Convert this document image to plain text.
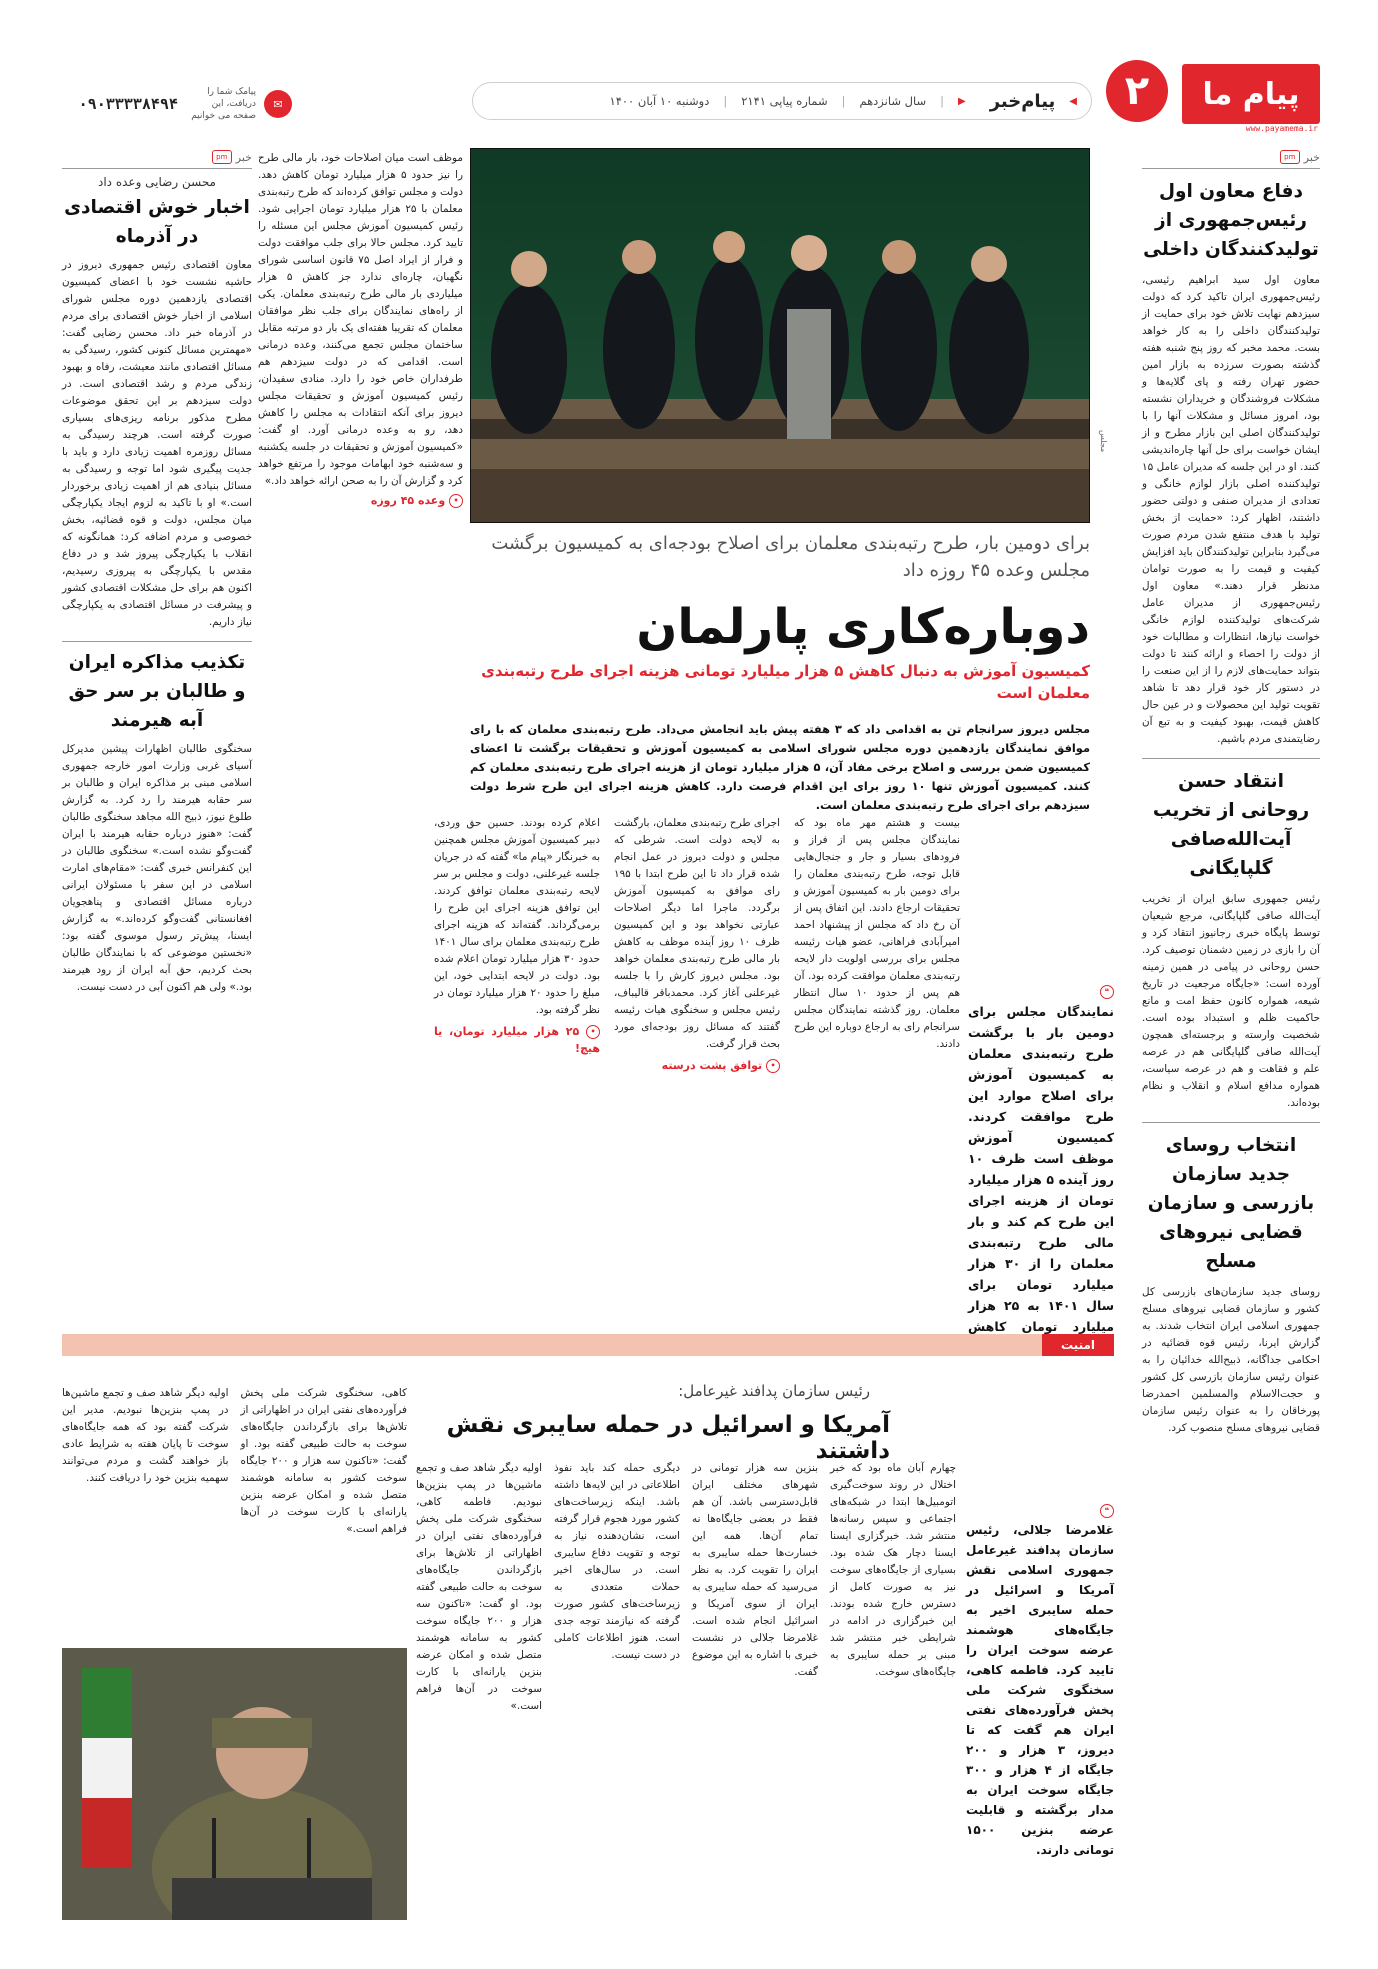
پیام ما
www.payamema.ir
۲
◀
پیام‌خبر
▶
|
سال شانزدهم
|
شماره پیاپی ۲۱۴۱
|
دوشنبه ۱۰ آبان ۱۴۰۰
✉
پیامک شما را دریافت، این صفحه می خوانیم
۰۹۰۳۳۳۳۸۴۹۴
خبر
pm
دفاع معاون اول رئیس‌جمهوری از تولیدکنندگان داخلی
معاون اول سید ابراهیم رئیسی، رئیس‌جمهوری ایران تاکید کرد که دولت سیزدهم نهایت تلاش خود برای حمایت از تولیدکنندگان داخلی را به کار خواهد بست. محمد مخبر که روز پنج شنبه هفته گذشته بصورت سرزده به بازار امین حضور تهران رفته و پای گلایه‌ها و مشکلات فروشندگان و خریداران نشسته بود، امروز مسائل و مشکلات آنها را با تولیدکنندگان اصلی این بازار مطرح و از ایشان خواست برای حل آنها چاره‌اندیشی کنند. او در این جلسه که مدیران عامل ۱۵ تولیدکننده اصلی بازار لوازم خانگی و تعدادی از مدیران صنفی و دولتی حضور داشتند، اظهار کرد: «حمایت از بخش تولید با هدف منتفع شدن مردم صورت می‌گیرد بنابراین تولیدکنندگان باید افزایش کیفیت و قیمت را به صورت توامان مدنظر قرار دهند.» معاون اول رئیس‌جمهوری از مدیران عامل شرکت‌های تولیدکننده لوازم خانگی خواست نیازها، انتظارات و مطالبات خود از دولت را احصاء و ارائه کنند تا دولت بتواند حمایت‌های لازم را از این صنعت را در دستور کار خود قرار دهد تا شاهد تقویت تولید این محصولات و در عین حال کاهش قیمت، بهبود کیفیت و به تبع آن رضایتمندی مردم باشیم.
انتقاد حسن روحانی از تخریب آیت‌الله‌صافی گلپایگانی
رئیس جمهوری سابق ایران از تخریب آیت‌الله صافی گلپایگانی، مرجع شیعیان توسط پایگاه خبری رجانیوز انتقاد کرد و آن را بازی در زمین دشمنان توصیف کرد. حسن روحانی در پیامی در همین زمینه آورده است: «جایگاه مرجعیت در تاریخ شیعه، همواره کانون حفظ امت و مانع حاکمیت ظلم و استبداد بوده است. شخصیت وارسته و برجسته‌ای همچون آیت‌الله صافی گلپایگانی هم در عرصه علم و فقاهت و هم در عرصه سیاست، همواره مدافع اسلام و انقلاب و نظام بوده‌اند.
انتخاب روسای جدید سازمان بازرسی و سازمان قضایی نیروهای مسلح
روسای جدید سازمان‌های بازرسی کل کشور و سازمان قضایی نیروهای مسلح جمهوری اسلامی ایران انتخاب شدند. به گزارش ایرنا، رئیس قوه قضائیه در احکامی جداگانه، ذبیح‌الله خدائیان را به عنوان رئیس سازمان بازرسی کل کشور و حجت‌الاسلام والمسلمین احمدرضا پورخاقان را به عنوان رئیس سازمان قضایی نیروهای مسلح منصوب کرد.
مجلس
برای دومین بار، طرح رتبه‌بندی معلمان برای اصلاح بودجه‌ای به کمیسیون برگشت مجلس وعده ۴۵ روزه داد
دوباره‌کاری پارلمان
کمیسیون آموزش به دنبال کاهش ۵ هزار میلیارد تومانی هزینه اجرای طرح رتبه‌بندی معلمان است
مجلس دیروز سرانجام تن به اقدامی داد که ۳ هفته پیش باید انجامش می‌داد. طرح رتبه‌بندی معلمان که با رای موافق نمایندگان یازدهمین دوره مجلس شورای اسلامی به کمیسیون آموزش و تحقیقات برگشت تا اعضای کمیسیون ضمن بررسی و اصلاح برخی مفاد آن، ۵ هزار میلیارد تومان از هزینه اجرای طرح رتبه‌بندی معلمان کم کنند. کمیسیون آموزش تنها ۱۰ روز برای این اقدام فرصت دارد. کاهش هزینه اجرای این طرح شرط دولت سیزدهم برای اجرای طرح رتبه‌بندی معلمان است.
بیست و هشتم مهر ماه بود که نمایندگان مجلس پس از فراز و فرودهای بسیار و جار و جنجال‌هایی قابل توجه، طرح رتبه‌بندی معلمان را برای دومین بار به کمیسیون آموزش و تحقیقات ارجاع دادند. این اتفاق پس از آن رخ داد که مجلس از پیشنهاد احمد امیرآبادی فراهانی، عضو هیات رئیسه مجلس برای بررسی اولویت دار لایحه رتبه‌بندی معلمان موافقت کرده بود. آن هم پس از حدود ۱۰ سال انتظار معلمان. روز گذشته نمایندگان مجلس سرانجام رای به ارجاع دوباره این طرح دادند.
اجرای طرح رتبه‌بندی معلمان، بارگشت به لایحه دولت است. شرطی که مجلس و دولت دیروز در عمل انجام شده قرار داد تا این طرح ابتدا با ۱۹۵ رای موافق به کمیسیون آموزش برگردد. ماجرا اما دیگر اصلاحات عبارتی نخواهد بود و این کمیسیون ظرف ۱۰ روز آینده موظف به کاهش بار مالی طرح رتبه‌بندی معلمان خواهد بود. مجلس دیروز کارش را با جلسه غیرعلنی آغاز کرد. محمدباقر قالیباف، رئیس مجلس و سخنگوی هیات رئیسه گفتند که مسائل روز بودجه‌ای مورد بحث قرار گرفت.
• توافق پشت درسته
اعلام کرده بودند. حسین حق وردی، دبیر کمیسیون آموزش مجلس همچنین به خبرنگار «پیام ما» گفته که در جریان جلسه غیرعلنی، دولت و مجلس بر سر لایحه رتبه‌بندی معلمان توافق کردند. این توافق هزینه اجرای این طرح را برمی‌گرداند. گفته‌اند که هزینه اجرای طرح رتبه‌بندی معلمان برای سال ۱۴۰۱ حدود ۳۰ هزار میلیارد تومان اعلام شده بود. دولت در لایحه ابتدایی خود، این مبلغ را حدود ۲۰ هزار میلیارد تومان در نظر گرفته بود.
• ۲۵ هزار میلیارد تومان، یا هیچ!
❝
نمایندگان مجلس برای دومین بار با برگشت طرح رتبه‌بندی معلمان به کمیسیون آموزش برای اصلاح موارد این طرح موافقت کردند. کمیسیون آموزش موظف است ظرف ۱۰ روز آینده ۵ هزار میلیارد تومان از هزینه اجرای این طرح کم کند و بار مالی طرح رتبه‌بندی معلمان را از ۳۰ هزار میلیارد تومان برای سال ۱۴۰۱ به ۲۵ هزار میلیارد تومان کاهش
موظف است میان اصلاحات خود، بار مالی طرح را نیز حدود ۵ هزار میلیارد تومان کاهش دهد. دولت و مجلس توافق کرده‌اند که طرح رتبه‌بندی معلمان با ۲۵ هزار میلیارد تومان اجرایی شود. رئیس کمیسیون آموزش مجلس این مسئله را تایید کرد. مجلس حالا برای جلب موافقت دولت و فرار از ایراد اصل ۷۵ قانون اساسی شورای نگهبان، چاره‌ای ندارد جز کاهش ۵ هزار میلیاردی بار مالی طرح رتبه‌بندی معلمان. یکی از راه‌های نمایندگان برای جلب نظر موافقان معلمان که تقریبا هفته‌ای یک بار دو مرتبه مقابل ساختمان مجلس تجمع می‌کنند، وعده درمانی است. اقدامی که در دولت سیزدهم هم طرفداران خاص خود را دارد. منادی سفیدان، رئیس کمیسیون آموزش و تحقیقات مجلس دیروز برای آنکه انتقادات به مجلس را کاهش دهد، رو به وعده درمانی آورد. او گفت: «کمیسیون آموزش و تحقیقات در جلسه یکشنبه و سه‌شنبه خود ابهامات موجود را مرتفع خواهد کرد و گزارش آن را به صحن ارائه خواهد داد.»
• وعده ۴۵ روزه
خبر
pm
محسن رضایی وعده داد
اخبار خوش اقتصادی در آذرماه
معاون اقتصادی رئیس جمهوری دیروز در حاشیه نشست خود با اعضای کمیسیون اقتصادی یازدهمین دوره مجلس شورای اسلامی از اخبار خوش اقتصادی برای مردم در آذرماه خبر داد. محسن رضایی گفت: «مهمترین مسائل کنونی کشور، رسیدگی به مسائل اقتصادی مانند معیشت، رفاه و بهبود زندگی مردم و رشد اقتصادی است. در دولت سیزدهم بر این تحقق موضوعات مطرح مذکور برنامه ریزی‌های بسیاری صورت گرفته است. هرچند رسیدگی به مسائل روزمره اهمیت زیادی دارد و باید با جدیت پیگیری شود اما توجه و رسیدگی به مسائل بنیادی هم از اهمیت زیادی برخوردار است.» او با تاکید به لزوم ایجاد یکپارچگی میان مجلس، دولت و قوه قضائیه، بخش خصوصی و مردم اضافه کرد: همانگونه که انقلاب با یکپارچگی پیروز شد و در دفاع مقدس با یکپارچگی به پیروزی رسیدیم، اکنون هم برای حل مشکلات اقتصادی کشور و پیشرفت در مسائل اقتصادی به یکپارچگی نیاز داریم.
تکذیب مذاکره ایران و طالبان بر سر حق آبه هیرمند
سخنگوی طالبان اظهارات پیشین مدیرکل آسیای غربی وزارت امور خارجه جمهوری اسلامی مبنی بر مذاکره ایران و طالبان بر سر حقابه هیرمند را رد کرد. به گزارش طلوع نیوز، ذبیح الله مجاهد سخنگوی طالبان گفت: «هنوز درباره حقابه هیرمند با ایران گفت‌وگو نشده است.» سخنگوی طالبان در این کنفرانس خبری گفت: «مقام‌های امارت اسلامی در این سفر با مسئولان ایرانی درباره مسائل اقتصادی و پناهجویان افغانستانی گفت‌وگو کرده‌اند.» به گزارش ایسنا، پیش‌تر رسول موسوی گفته بود: «نخستین موضوعی که با نمایندگان طالبان بحث کردیم، حق آبه ایران از رود هیرمند بود.» ولی هم اکنون آبی در دست نیست.
امنیت
رئیس سازمان پدافند غیرعامل:
آمریکا و اسرائیل در حمله سایبری نقش داشتند
❝
غلامرضا جلالی، رئیس سازمان پدافند غیرعامل جمهوری اسلامی نقش آمریکا و اسرائیل در حمله سایبری اخیر به جایگاه‌های هوشمند عرضه سوخت ایران را تایید کرد. فاطمه کاهی، سخنگوی شرکت ملی پخش فرآورده‌های نفتی ایران هم گفت که تا دیروز، ۳ هزار و ۲۰۰ جایگاه از ۴ هزار و ۳۰۰ جایگاه سوخت ایران به مدار برگشته و قابلیت عرضه بنزین ۱۵۰۰ تومانی دارند.
چهارم آبان ماه بود که خبر اختلال در روند سوخت‌گیری اتومبیل‌ها ابتدا در شبکه‌های اجتماعی و سپس رسانه‌ها منتشر شد. خبرگزاری ایسنا ایسنا دچار هک شده بود. بسیاری از جایگاه‌های سوخت نیز به صورت کامل از دسترس خارج شده بودند. این خبرگزاری در ادامه در شرایطی خبر منتشر شد مبنی بر حمله سایبری به جایگاه‌های سوخت.
بنزین سه هزار تومانی در شهرهای مختلف ایران قابل‌دسترسی باشد. آن هم فقط در بعضی جایگاه‌ها نه تمام آن‌ها. همه این خسارت‌ها حمله سایبری به ایران را تقویت کرد. به نظر می‌رسید که حمله سایبری به ایران از سوی آمریکا و اسرائیل انجام شده است. غلامرضا جلالی در نشست خبری با اشاره به این موضوع گفت.
دیگری حمله کند باید نفوذ اطلاعاتی در این لایه‌ها داشته باشد. اینکه زیرساخت‌های کشور مورد هجوم قرار گرفته است، نشان‌دهنده نیاز به توجه و تقویت دفاع سایبری است. در سال‌های اخیر حملات متعددی به زیرساخت‌های کشور صورت گرفته که نیازمند توجه جدی است. هنوز اطلاعات کاملی در دست نیست.
اولیه دیگر شاهد صف و تجمع ماشین‌ها در پمپ بنزین‌ها نبودیم. فاطمه کاهی، سخنگوی شرکت ملی پخش فرآورده‌های نفتی ایران در اظهاراتی از تلاش‌ها برای بازگرداندن جایگاه‌های سوخت به حالت طبیعی گفته بود. او گفت: «تاکنون سه هزار و ۲۰۰ جایگاه سوخت کشور به سامانه هوشمند متصل شده و امکان عرضه بنزین یارانه‌ای با کارت سوخت در آن‌ها فراهم است.»
کاهی، سخنگوی شرکت ملی پخش فرآورده‌های نفتی ایران در اظهاراتی از تلاش‌ها برای بازگرداندن جایگاه‌های سوخت به حالت طبیعی گفته بود. او گفت: «تاکنون سه هزار و ۲۰۰ جایگاه سوخت کشور به سامانه هوشمند متصل شده و امکان عرضه بنزین یارانه‌ای با کارت سوخت در آن‌ها فراهم است.»
اولیه دیگر شاهد صف و تجمع ماشین‌ها در پمپ بنزین‌ها نبودیم. مدیر این شرکت گفته بود که همه جایگاه‌های سوخت تا پایان هفته به شرایط عادی باز خواهند گشت و مردم می‌توانند سهمیه بنزین خود را دریافت کنند.
